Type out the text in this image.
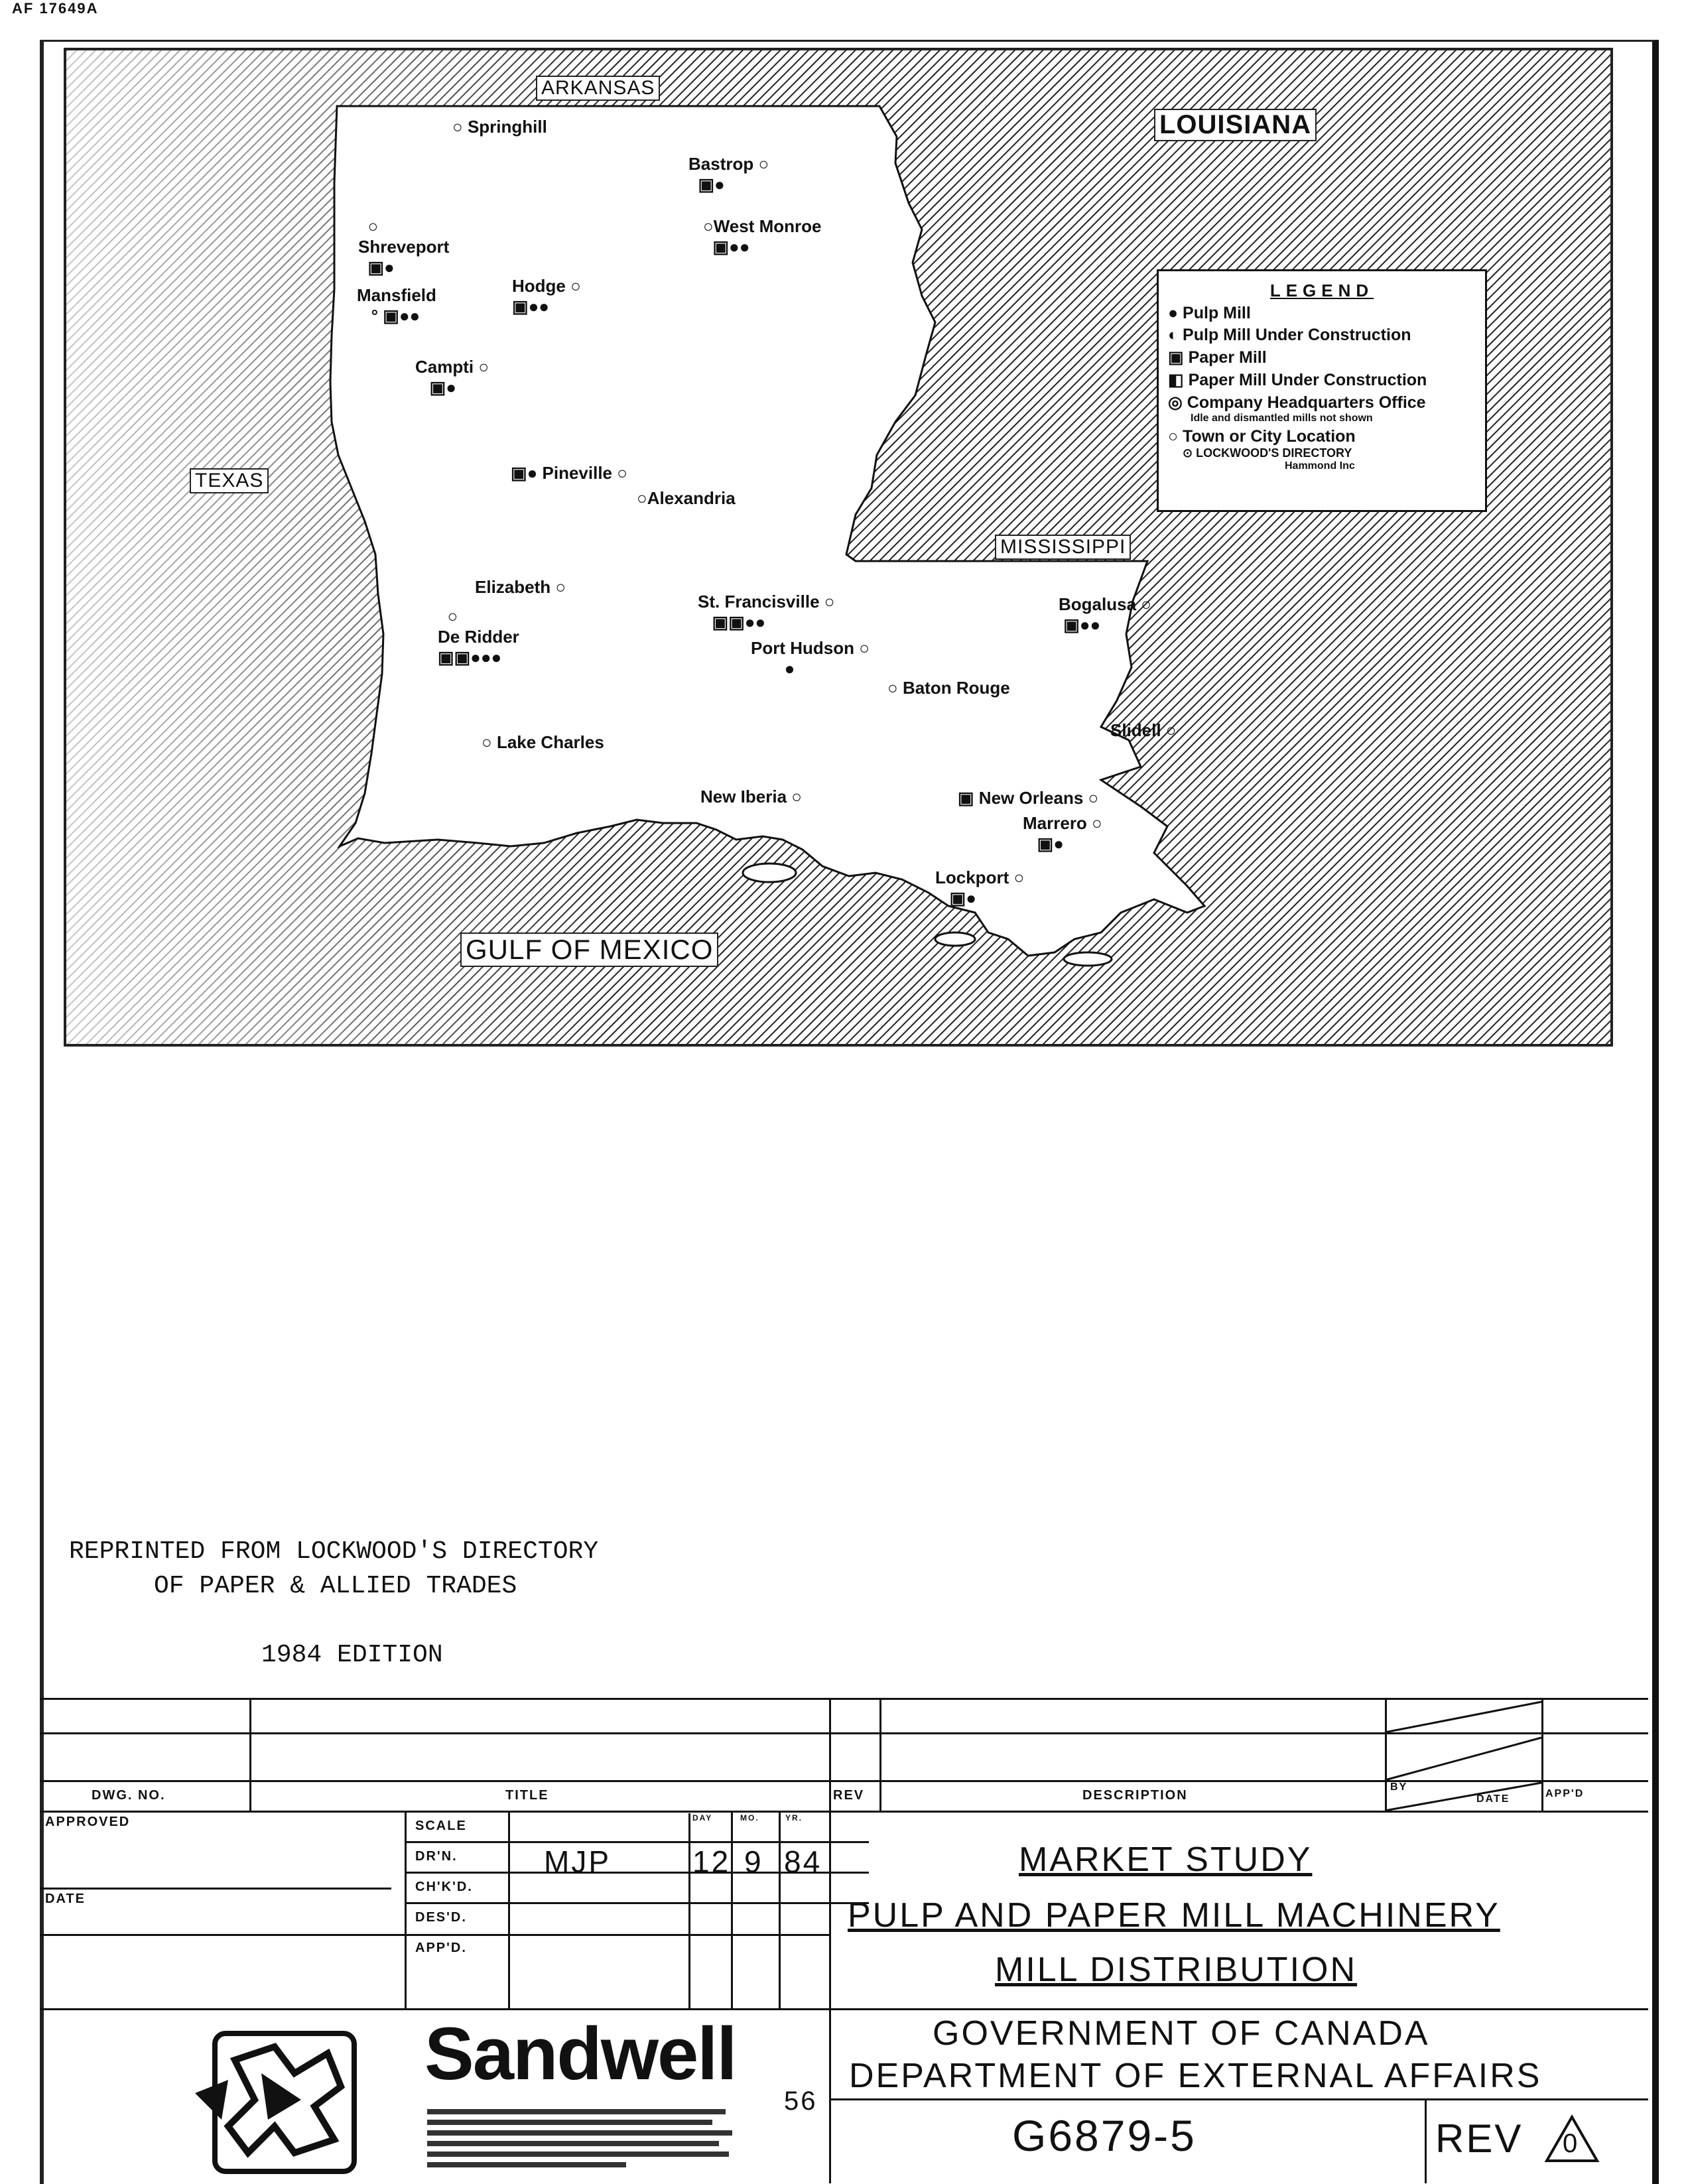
AF 17649A
ARKANSAS
LOUISIANA
TEXAS
MISSISSIPPI
GULF OF MEXICO
○ Springhill
Bastrop ○
▣●
○
Shreveport
▣●
○West Monroe
▣●●
Hodge ○
▣●●
Mansfield
° ▣●●
Campti ○
▣●
▣● Pineville ○
○Alexandria
Elizabeth ○
○
De Ridder
▣▣●●●
St. Francisville ○
▣▣●●
Port Hudson ○
●
Bogalusa ○
▣●●
○ Baton Rouge
Slidell ○
○ Lake Charles
New Iberia ○	▣ New Orleans ○
Marrero ○
▣●
Lockport ○
▣●
LEGEND
● Pulp Mill
◐ Pulp Mill Under Construction
▣ Paper Mill
◧ Paper Mill Under Construction
◎ Company Headquarters Office
Idle and dismantled mills not shown
○ Town or City Location
⊙ LOCKWOOD'S DIRECTORY
Hammond Inc
REPRINTED FROM LOCKWOOD'S DIRECTORY
OF PAPER & ALLIED TRADES
1984 EDITION
DWG. NO.	TITLE	REV	DESCRIPTION
BY
DATE	APP'D
APPROVED
DATE
SCALE
DR'N.
CH'K'D.
DES'D.
APP'D.
DAY	MO.	YR.
MJP	12 9 84	MARKET STUDY
PULP AND PAPER MILL MACHINERY
MILL DISTRIBUTION
GOVERNMENT OF CANADA
DEPARTMENT OF EXTERNAL AFFAIRS
G6879-5	REV 0
Sandwell
56
